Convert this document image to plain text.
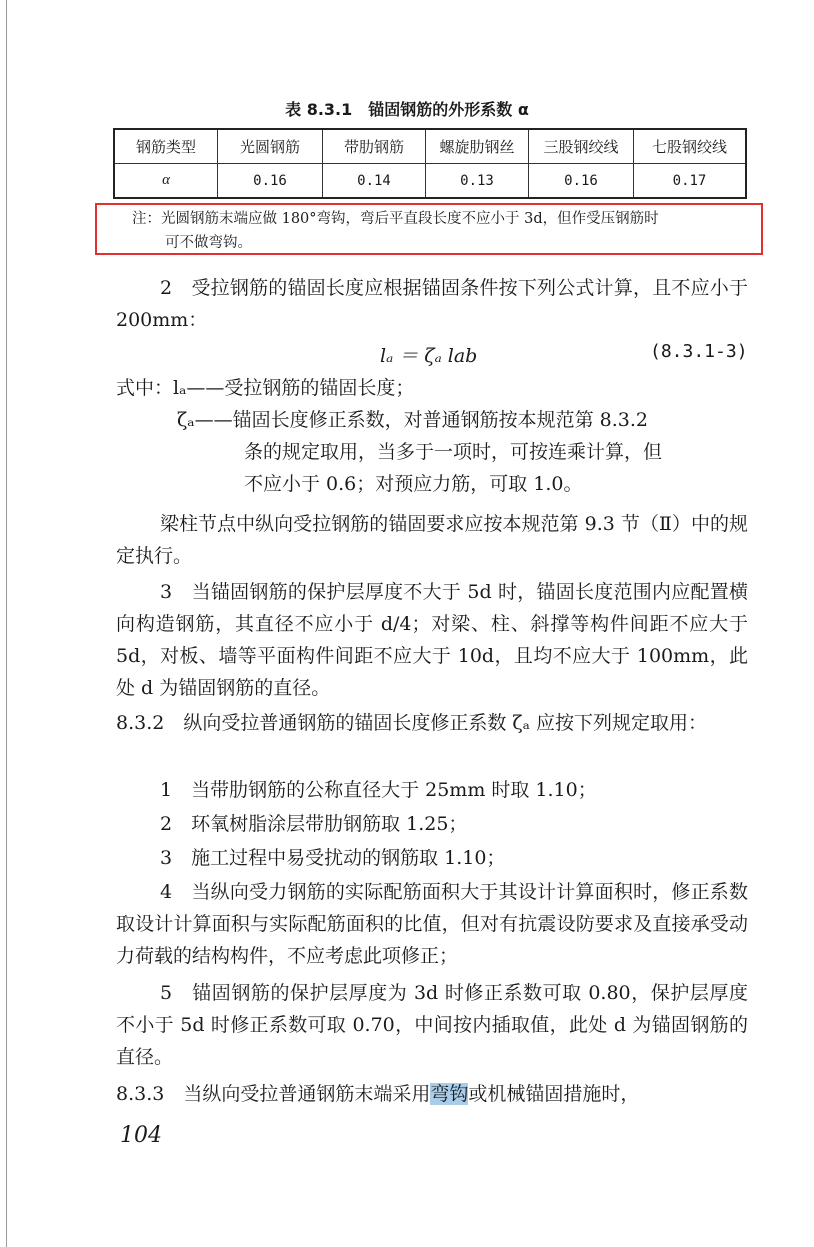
表 8.3.1　锚固钢筋的外形系数 α
钢筋类型	光圆钢筋	带肋钢筋	螺旋肋钢丝	三股钢绞线	七股钢绞线
α	0.16	0.14	0.13	0.16	0.17
注：光圆钢筋末端应做 180°弯钩，弯后平直段长度不应小于 3d，但作受压钢筋时
可不做弯钩。
2　受拉钢筋的锚固长度应根据锚固条件按下列公式计算，且不应小于 200mm：
lₐ ＝ ζₐ lab	(8.3.1-3)
式中：lₐ——受拉钢筋的锚固长度；
ζₐ——锚固长度修正系数，对普通钢筋按本规范第 8.3.2
条的规定取用，当多于一项时，可按连乘计算，但
不应小于 0.6；对预应力筋，可取 1.0。
梁柱节点中纵向受拉钢筋的锚固要求应按本规范第 9.3 节（Ⅱ）中的规定执行。
3　当锚固钢筋的保护层厚度不大于 5d 时，锚固长度范围内应配置横向构造钢筋，其直径不应小于 d/4；对梁、柱、斜撑等构件间距不应大于 5d，对板、墙等平面构件间距不应大于 10d，且均不应大于 100mm，此处 d 为锚固钢筋的直径。
8.3.2　纵向受拉普通钢筋的锚固长度修正系数 ζₐ 应按下列规定取用：
1　当带肋钢筋的公称直径大于 25mm 时取 1.10；
2　环氧树脂涂层带肋钢筋取 1.25；
3　施工过程中易受扰动的钢筋取 1.10；
4　当纵向受力钢筋的实际配筋面积大于其设计计算面积时，修正系数取设计计算面积与实际配筋面积的比值，但对有抗震设防要求及直接承受动力荷载的结构构件，不应考虑此项修正；
5　锚固钢筋的保护层厚度为 3d 时修正系数可取 0.80，保护层厚度不小于 5d 时修正系数可取 0.70，中间按内插取值，此处 d 为锚固钢筋的直径。
8.3.3　当纵向受拉普通钢筋末端采用弯钩或机械锚固措施时，
104
